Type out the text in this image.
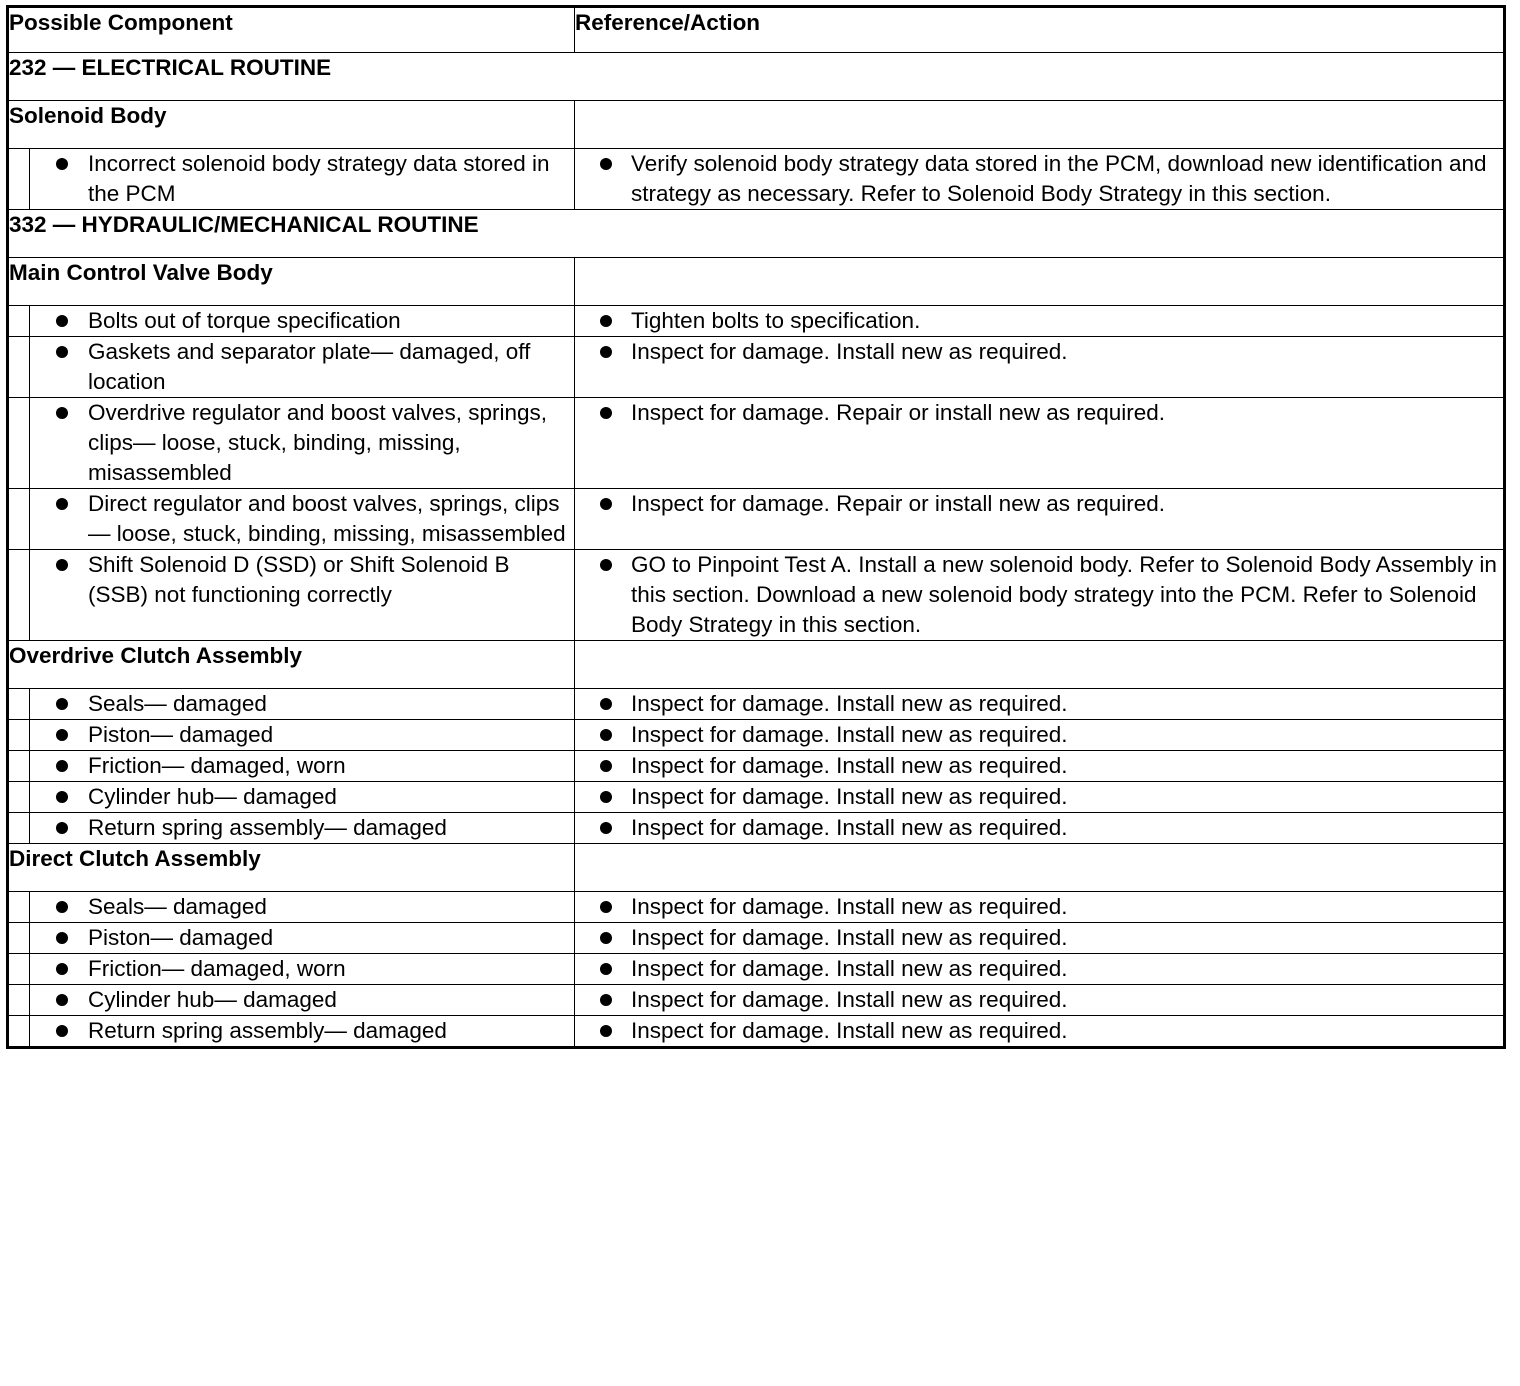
Possible Component		Reference/Action
232 — ELECTRICAL ROUTINE		
Solenoid Body		

	Incorrect solenoid body strategy data stored in the PCM	Verify solenoid body strategy data stored in the PCM, download new identification and strategy as necessary. Refer to Solenoid Body Strategy in this section.

332 — HYDRAULIC/MECHANICAL ROUTINE		
Main Control Valve Body		

	Bolts out of torque specification	Tighten bolts to specification.

	Gaskets and separator plate— damaged, off location	Inspect for damage. Install new as required.

	Overdrive regulator and boost valves, springs, clips— loose, stuck, binding, missing, misassembled	Inspect for damage. Repair or install new as required.

	Direct regulator and boost valves, springs, clips— loose, stuck, binding, missing, misassembled	Inspect for damage. Repair or install new as required.

	Shift Solenoid D (SSD) or Shift Solenoid B (SSB) not functioning correctly	GO to Pinpoint Test A. Install a new solenoid body. Refer to Solenoid Body Assembly in this section. Download a new solenoid body strategy into the PCM. Refer to Solenoid Body Strategy in this section.

Overdrive Clutch Assembly		

	Seals— damaged	Inspect for damage. Install new as required.

	Piston— damaged	Inspect for damage. Install new as required.

	Friction— damaged, worn	Inspect for damage. Install new as required.

	Cylinder hub— damaged	Inspect for damage. Install new as required.

	Return spring assembly— damaged	Inspect for damage. Install new as required.

Direct Clutch Assembly		

	Seals— damaged	Inspect for damage. Install new as required.

	Piston— damaged	Inspect for damage. Install new as required.

	Friction— damaged, worn	Inspect for damage. Install new as required.

	Cylinder hub— damaged	Inspect for damage. Install new as required.

	Return spring assembly— damaged	Inspect for damage. Install new as required.
